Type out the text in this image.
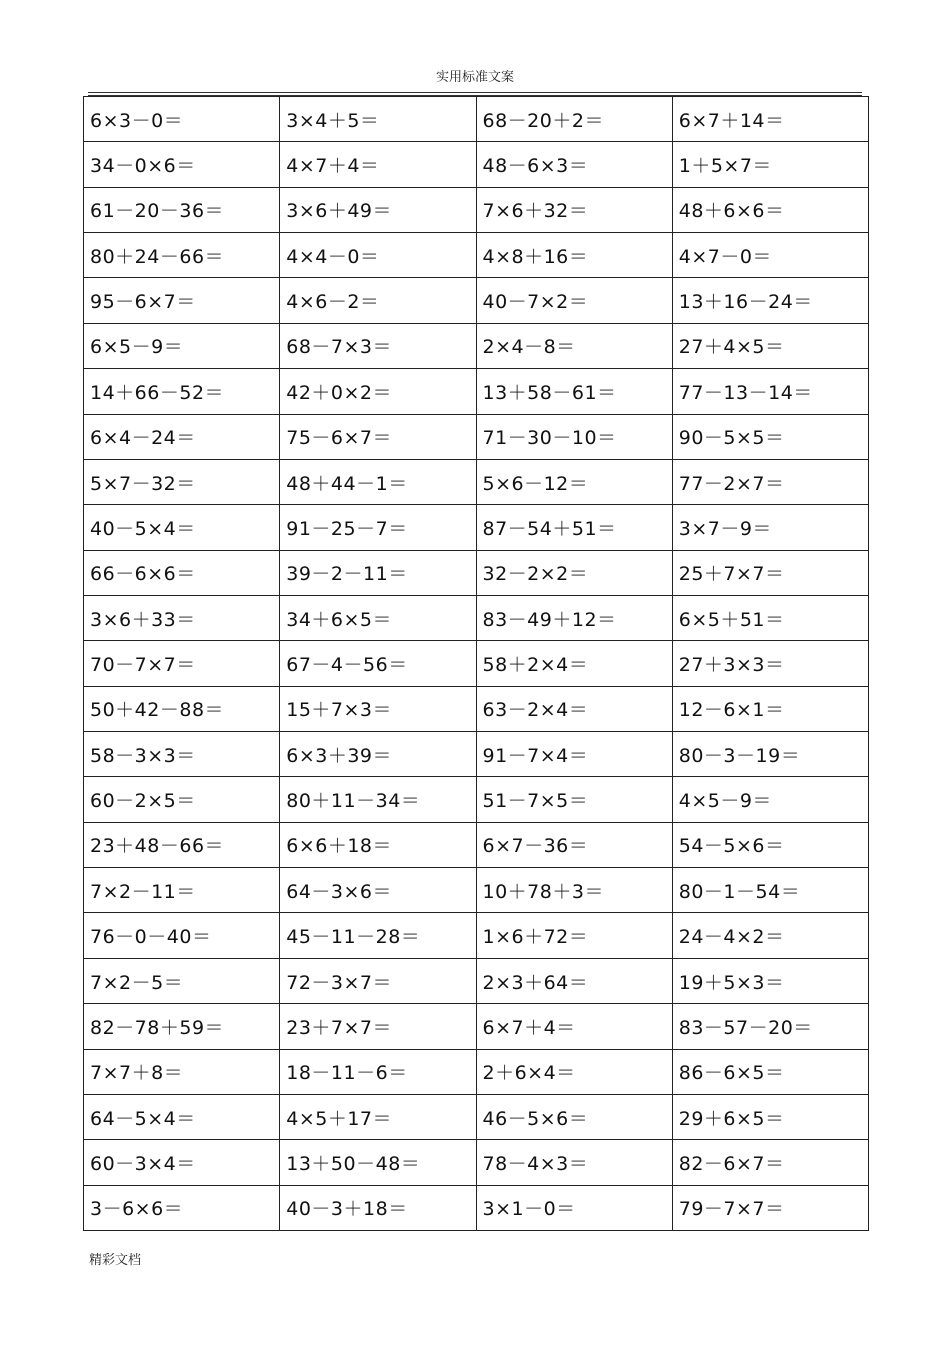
实用标准文案
6×3－0＝	3×4＋5＝	68－20＋2＝	6×7＋14＝
34－0×6＝	4×7＋4＝	48－6×3＝	1＋5×7＝
61－20－36＝	3×6＋49＝	7×6＋32＝	48＋6×6＝
80＋24－66＝	4×4－0＝	4×8＋16＝	4×7－0＝
95－6×7＝	4×6－2＝	40－7×2＝	13＋16－24＝
6×5－9＝	68－7×3＝	2×4－8＝	27＋4×5＝
14＋66－52＝	42＋0×2＝	13＋58－61＝	77－13－14＝
6×4－24＝	75－6×7＝	71－30－10＝	90－5×5＝
5×7－32＝	48＋44－1＝	5×6－12＝	77－2×7＝
40－5×4＝	91－25－7＝	87－54＋51＝	3×7－9＝
66－6×6＝	39－2－11＝	32－2×2＝	25＋7×7＝
3×6＋33＝	34＋6×5＝	83－49＋12＝	6×5＋51＝
70－7×7＝	67－4－56＝	58＋2×4＝	27＋3×3＝
50＋42－88＝	15＋7×3＝	63－2×4＝	12－6×1＝
58－3×3＝	6×3＋39＝	91－7×4＝	80－3－19＝
60－2×5＝	80＋11－34＝	51－7×5＝	4×5－9＝
23＋48－66＝	6×6＋18＝	6×7－36＝	54－5×6＝
7×2－11＝	64－3×6＝	10＋78＋3＝	80－1－54＝
76－0－40＝	45－11－28＝	1×6＋72＝	24－4×2＝
7×2－5＝	72－3×7＝	2×3＋64＝	19＋5×3＝
82－78＋59＝	23＋7×7＝	6×7＋4＝	83－57－20＝
7×7＋8＝	18－11－6＝	2＋6×4＝	86－6×5＝
64－5×4＝	4×5＋17＝	46－5×6＝	29＋6×5＝
60－3×4＝	13＋50－48＝	78－4×3＝	82－6×7＝
3－6×6＝	40－3＋18＝	3×1－0＝	79－7×7＝
精彩文档
